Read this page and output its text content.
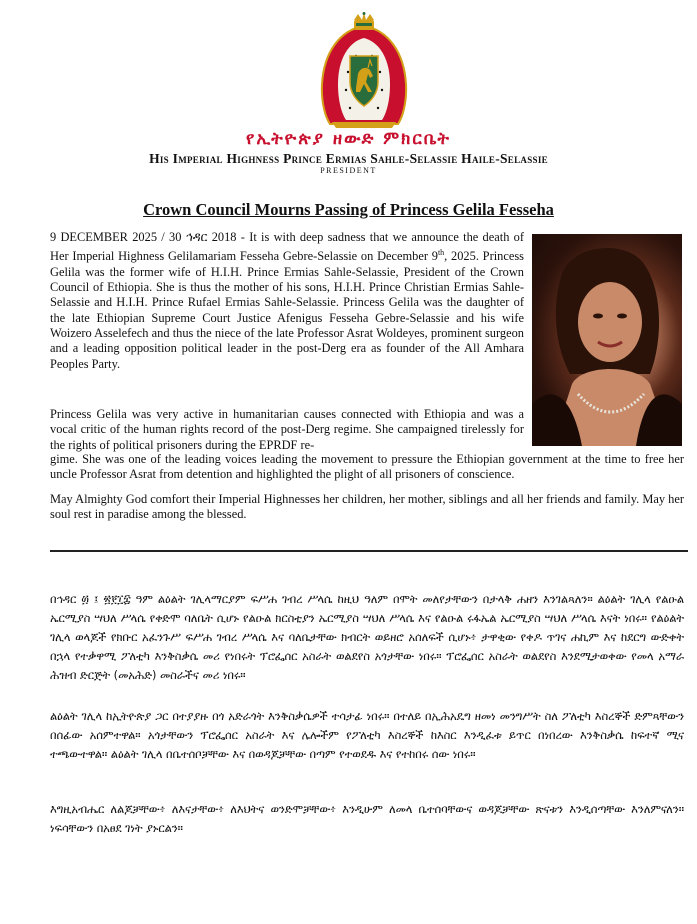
የኢትዮጵያ ዘውድ ምክርቤት
His Imperial Highness Prince Ermias Sahle-Selassie Haile-Selassie
PRESIDENT
Crown Council Mourns Passing of Princess Gelila Fesseha

9 DECEMBER 2025 / 30 ኅዳር 2018 - It is with deep sadness that we announce the death of Her Imperial Highness Gelilamariam Fesseha Gebre-Selassie on December 9th, 2025. Princess Gelila was the former wife of H.I.H. Prince Ermias Sahle-Selassie, President of the Crown Council of Ethiopia. She is thus the mother of his sons, H.I.H. Prince Christian Ermias Sahle-Selassie and H.I.H. Prince Rufael Ermias Sahle-Selassie. Princess Gelila was the daughter of the late Ethiopian Supreme Court Justice Afenigus Fesseha Gebre-Selassie and his wife Woizero Asselefech and thus the niece of the late Professor Asrat Woldeyes, prominent surgeon and a leading opposition political leader in the post-Derg era as founder of the All Amhara Peoples Party.

Princess Gelila was very active in humanitarian causes connected with Ethiopia and was a vocal critic of the human rights record of the post-Derg regime. She campaigned tirelessly for the rights of political prisoners during the EPRDF re-

gime. She was one of the leading voices leading the movement to pressure the Ethiopian government at the time to free her uncle Professor Asrat from detention and highlighted the plight of all prisoners of conscience.

May Almighty God comfort their Imperial Highnesses her children, her mother, siblings and all her friends and family. May her soul rest in paradise among the blessed.

በኅዳር ፴ ፤ ፳፻፲፰ ዓም ልዕልት ገሊላማርያም ፍሥሐ ገብረ ሥላሴ ከዚህ ዓለም በሞት መለየታቸውን በታላቅ ሐዘን እንገልጻለን። ልዕልት ገሊላ የልዑል ኤርሚያስ ሣህለ ሥላሴ የቀድሞ ባለቤት ሲሆኑ የልዑል ክርስቲያን ኤርሚያስ ሣህለ ሥላሴ እና የልዑል ሩፋኤል ኤርሚያስ ሣህለ ሥላሴ እናት ነበሩ። የልዕልት ገሊላ ወላጆች የክቡር አፈንጉሥ ፍሥሐ ገብረ ሥላሴ እና ባለቤታቸው ክብርት ወይዘሮ አሰለፍች ሲሆኑ፥ ታዋቂው የቀዶ ጥገና ሐኪም እና ከደርግ ውድቀት በኋላ የተቃዋሚ ፖለቲካ እንቅስቃሴ መሪ የነበሩት ፕሮፌሰር አስራት ወልደየስ አጎታቸው ነበሩ። ፕሮፌሰር አስራት ወልደየስ እንደሚታወቀው የመላ አማራ ሕዝብ ድርጅት (መአሕድ) መስራችና መሪ ነበሩ።

ልዕልት ገሊላ ከኢትዮጵያ ጋር በተያያዙ በጎ አድራጎት እንቅስቃሴዎች ተሳታፊ ነበሩ። በተለይ በኢሕአዴግ ዘመነ መንግሥት ስለ ፖለቲካ እስረኞች ድምጻቸውን በሰፊው አሰምተዋል። አጎታቸውን ፕሮፌሰር አስራት እና ሌሎችም የፖለቲካ እስረኞች ከእስር እንዲፈቱ ይጥር በነበረው እንቅስቃሴ ከፍተኛ ሚና ተጫውተዋል። ልዕልት ገሊላ በቤተሰቦቻቸው እና በወዳጆቻቸው በጣም የተወደዱ እና የተከበሩ ሰው ነበሩ።

እግዚአብሔር ለልጆቻቸው፥ ለእናታቸው፥ ለእህትና ወንድሞቻቸው፥ እንዲሁም ለመላ ቤተሰባቸውና ወዳጆቻቸው ጽናቱን እንዲሰጣቸው እንለምናለን። ነፍሳቸውን በአፀደ ገነት ያኑርልን።
